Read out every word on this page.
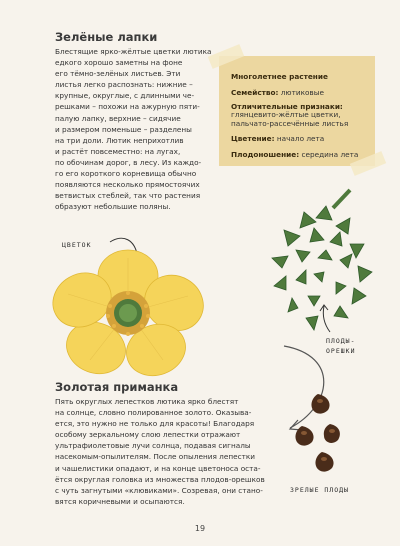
Зелёные лапки

Блестящие ярко-жёлтые цветки лютика
едкого хорошо заметны на фоне
его тёмно-зелёных листьев. Эти
листья легко распознать: нижние –
крупные, округлые, с длинными че-
решками – похожи на ажурную пяти-
палую лапку, верхние – сидячие
и размером поменьше – разделены
на три доли. Лютик неприхотлив
и растёт повсеместно: на лугах,
по обочинам дорог, в лесу. Из каждо-
го его короткого корневища обычно
появляются несколько прямостоячих
ветвистых стеблей, так что растения
образуют небольшие поляны.

Многолетнее растение
Семейство: лютиковые
Отличительные признаки:
глянцевито-жёлтые цветки,
пальчато-рассечённые листья
Цветение: начало лета
Плодоношение: середина лета
ЦВЕТОК
ПЛОДЫ-
ОРЕШКИ
ЗРЕЛЫЕ ПЛОДЫ
Золотая приманка

Пять округлых лепестков лютика ярко блестят
на солнце, словно полированное золото. Оказыва-
ется, это нужно не только для красоты! Благодаря
особому зеркальному слою лепестки отражают
ультрафиолетовые лучи солнца, подавая сигналы
насекомым-опылителям. После опыления лепестки
и чашелистики опадают, и на конце цветоноса оста-
ётся округлая головка из множества плодов-орешков
с чуть загнутыми «клювиками». Созревая, они стано-
вятся коричневыми и осыпаются.

19
